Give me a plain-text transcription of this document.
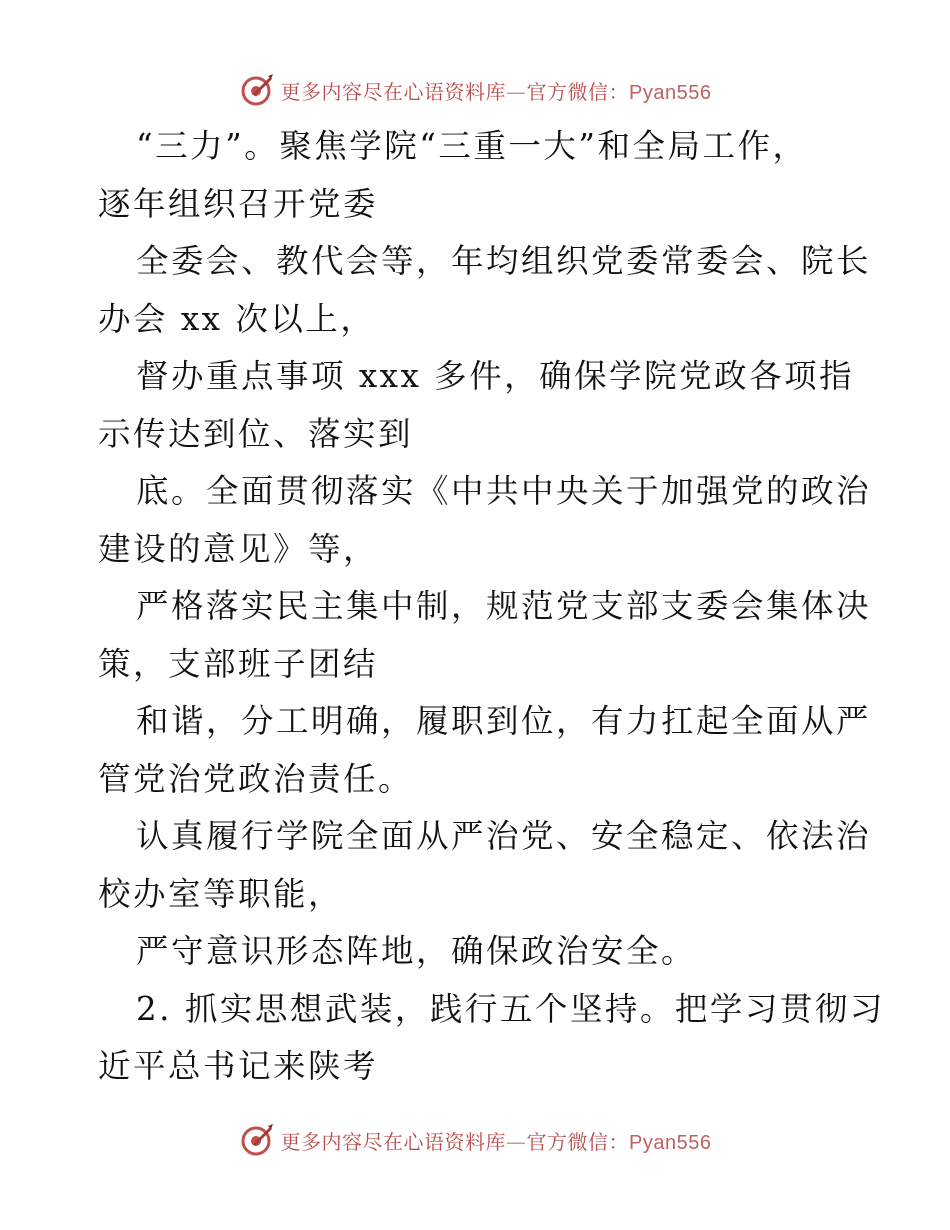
更多内容尽在心语资料库—官方微信：Pyan556
“三力”。聚焦学院“三重一大”和全局工作，
逐年组织召开党委
全委会、教代会等，年均组织党委常委会、院长
办会 xx 次以上，
督办重点事项 xxx 多件，确保学院党政各项指
示传达到位、落实到
底。全面贯彻落实《中共中央关于加强党的政治
建设的意见》等，
严格落实民主集中制，规范党支部支委会集体决
策，支部班子团结
和谐，分工明确，履职到位，有力扛起全面从严
管党治党政治责任。
认真履行学院全面从严治党、安全稳定、依法治
校办室等职能，
严守意识形态阵地，确保政治安全。
2. 抓实思想武装，践行五个坚持。把学习贯彻习
近平总书记来陕考
更多内容尽在心语资料库—官方微信：Pyan556
